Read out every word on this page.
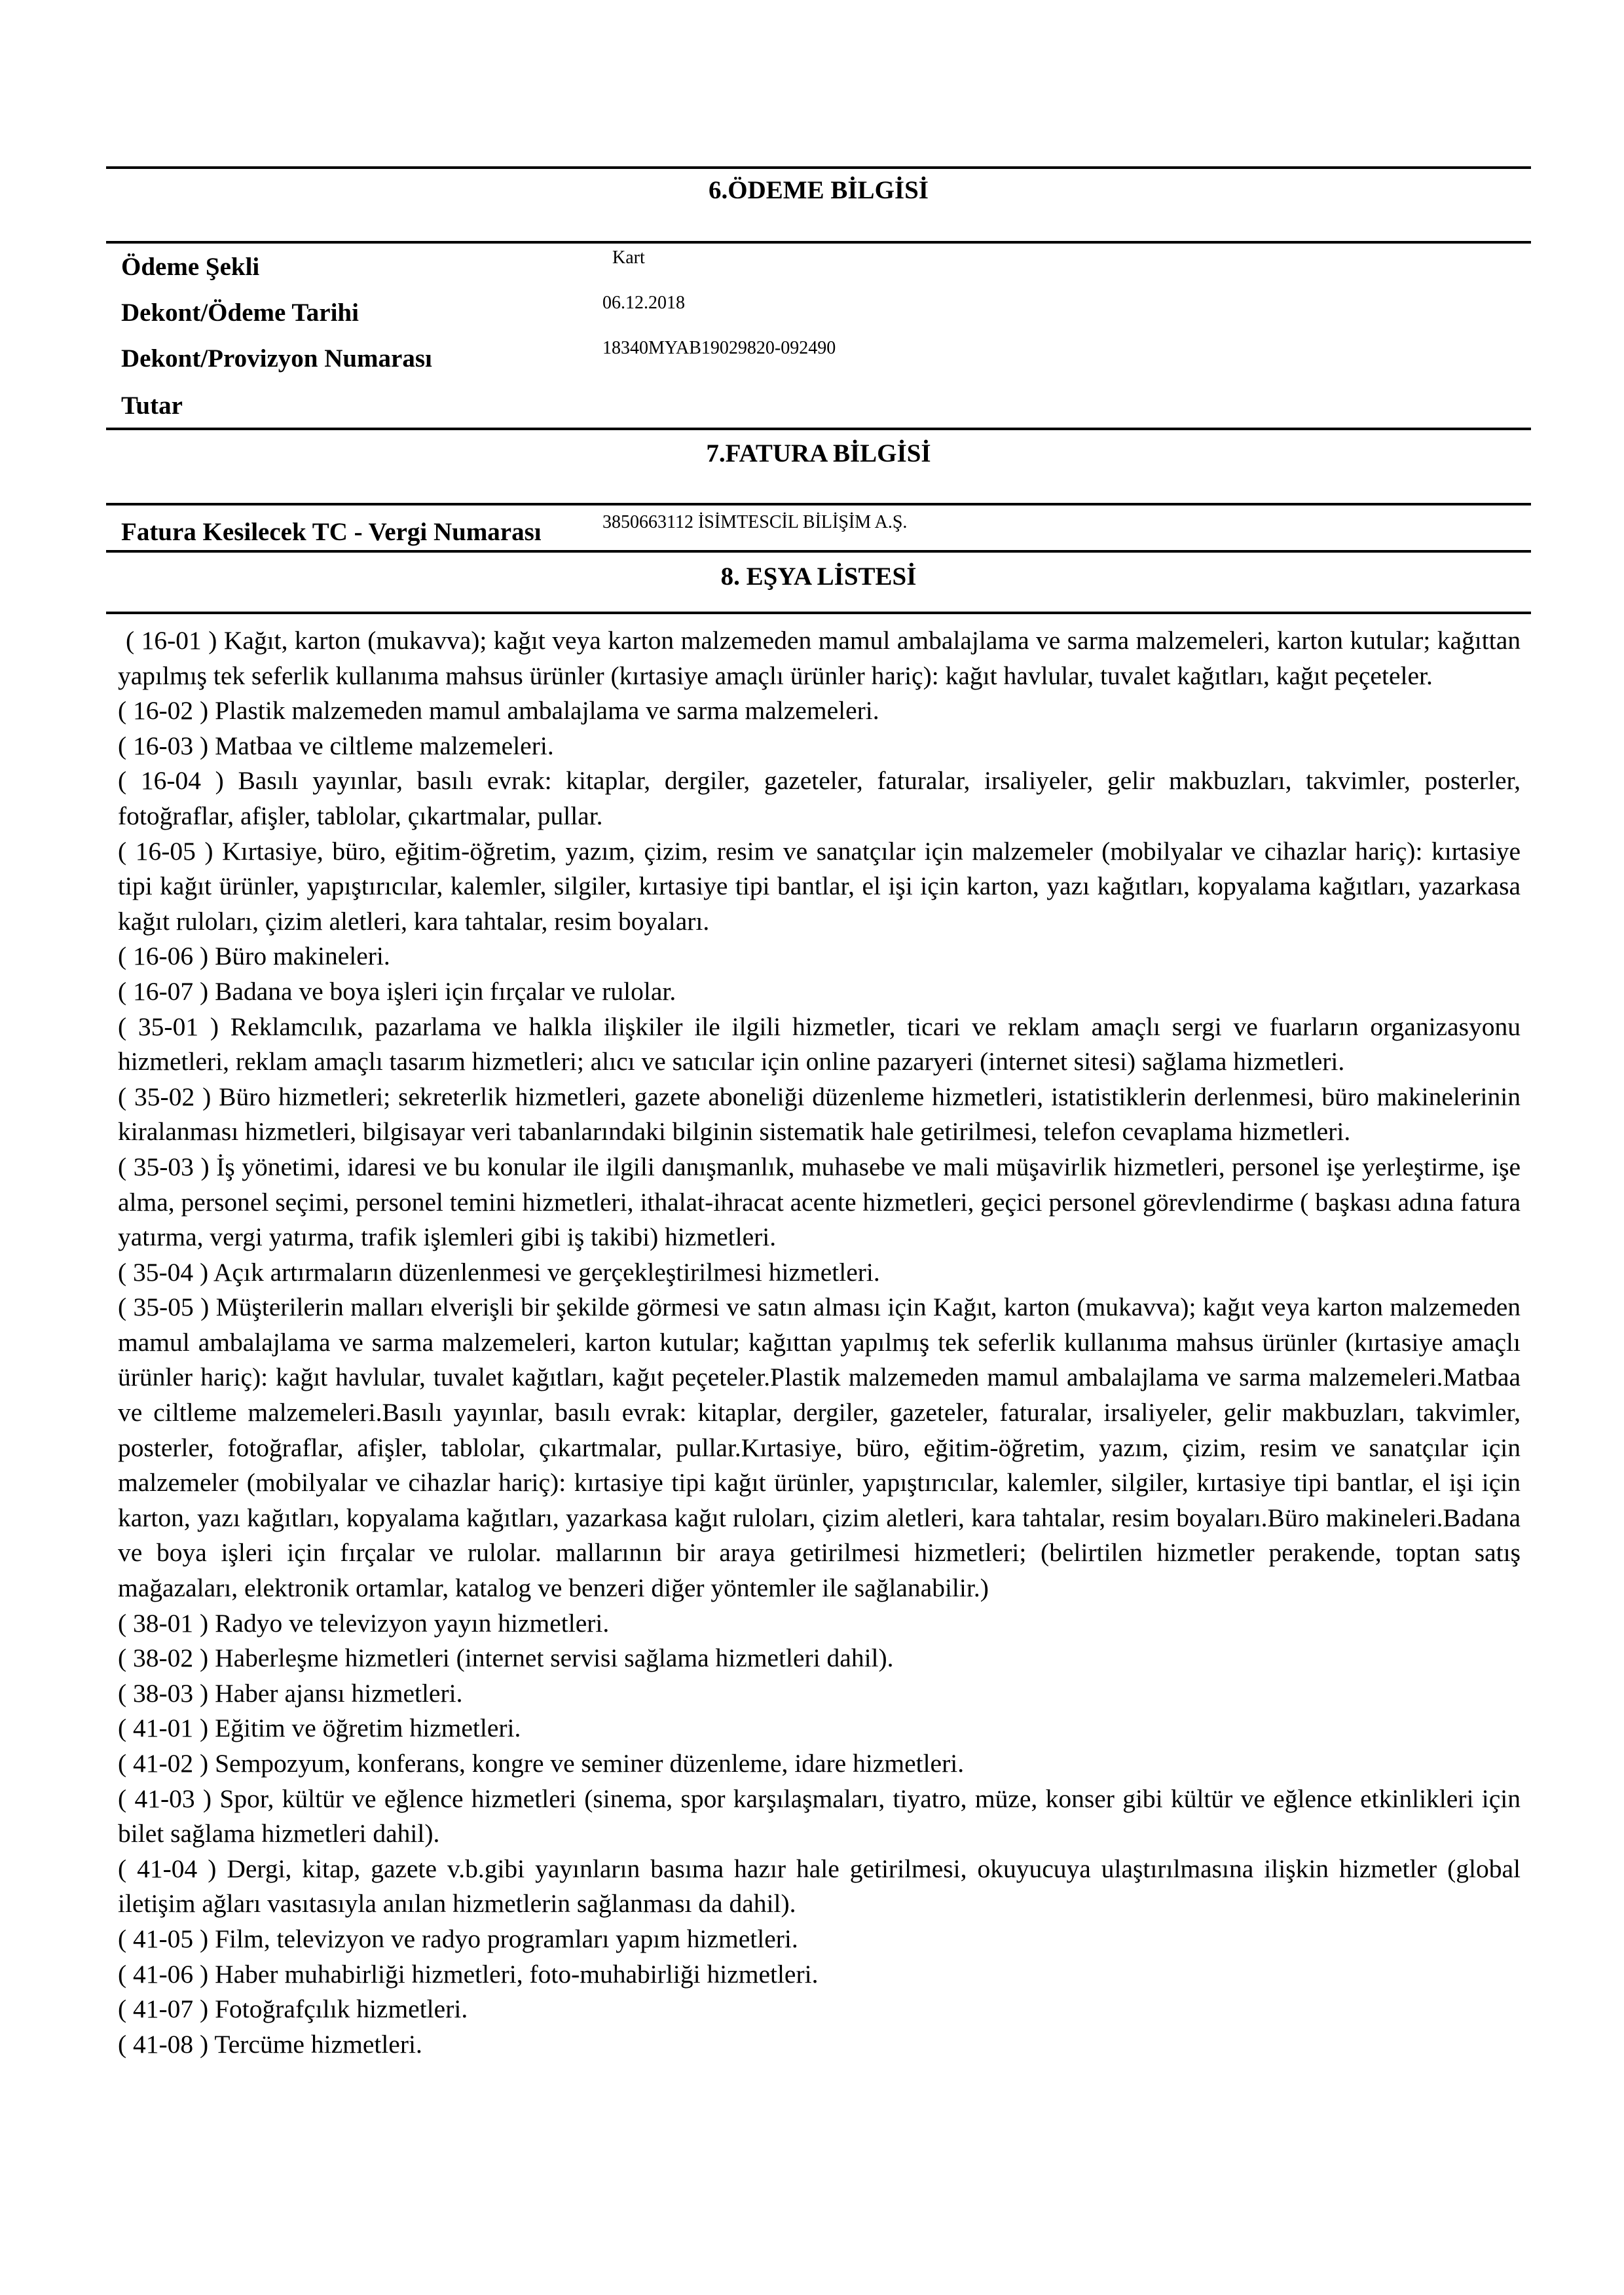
6.ÖDEME BİLGİSİ
Ödeme Şekli	Kart
Dekont/Ödeme Tarihi	06.12.2018
Dekont/Provizyon Numarası	18340MYAB19029820-092490
Tutar
7.FATURA BİLGİSİ
Fatura Kesilecek TC - Vergi Numarası	3850663112 İSİMTESCİL BİLİŞİM A.Ş.
8. EŞYA LİSTESİ

( 16-01 ) Kağıt, karton (mukavva); kağıt veya karton malzemeden mamul ambalajlama ve sarma malzemeleri, karton kutular; kağıttan yapılmış tek seferlik kullanıma mahsus ürünler (kırtasiye amaçlı ürünler hariç): kağıt havlular, tuvalet kağıtları, kağıt peçeteler.

( 16-02 ) Plastik malzemeden mamul ambalajlama ve sarma malzemeleri.

( 16-03 ) Matbaa ve ciltleme malzemeleri.

( 16-04 ) Basılı yayınlar, basılı evrak: kitaplar, dergiler, gazeteler, faturalar, irsaliyeler, gelir makbuzları, takvimler, posterler, fotoğraflar, afişler, tablolar, çıkartmalar, pullar.

( 16-05 ) Kırtasiye, büro, eğitim-öğretim, yazım, çizim, resim ve sanatçılar için malzemeler (mobilyalar ve cihazlar hariç): kırtasiye tipi kağıt ürünler, yapıştırıcılar, kalemler, silgiler, kırtasiye tipi bantlar, el işi için karton, yazı kağıtları, kopyalama kağıtları, yazarkasa kağıt ruloları, çizim aletleri, kara tahtalar, resim boyaları.

( 16-06 ) Büro makineleri.

( 16-07 ) Badana ve boya işleri için fırçalar ve rulolar.

( 35-01 ) Reklamcılık, pazarlama ve halkla ilişkiler ile ilgili hizmetler, ticari ve reklam amaçlı sergi ve fuarların organizasyonu hizmetleri, reklam amaçlı tasarım hizmetleri; alıcı ve satıcılar için online pazaryeri (internet sitesi) sağlama hizmetleri.

( 35-02 ) Büro hizmetleri; sekreterlik hizmetleri, gazete aboneliği düzenleme hizmetleri, istatistiklerin derlenmesi, büro makinelerinin kiralanması hizmetleri, bilgisayar veri tabanlarındaki bilginin sistematik hale getirilmesi, telefon cevaplama hizmetleri.

( 35-03 ) İş yönetimi, idaresi ve bu konular ile ilgili danışmanlık, muhasebe ve mali müşavirlik hizmetleri, personel işe yerleştirme, işe alma, personel seçimi, personel temini hizmetleri, ithalat-ihracat acente hizmetleri, geçici personel görevlendirme ( başkası adına fatura yatırma, vergi yatırma, trafik işlemleri gibi iş takibi) hizmetleri.

( 35-04 ) Açık artırmaların düzenlenmesi ve gerçekleştirilmesi hizmetleri.

( 35-05 ) Müşterilerin malları elverişli bir şekilde görmesi ve satın alması için Kağıt, karton (mukavva); kağıt veya karton malzemeden mamul ambalajlama ve sarma malzemeleri, karton kutular; kağıttan yapılmış tek seferlik kullanıma mahsus ürünler (kırtasiye amaçlı ürünler hariç): kağıt havlular, tuvalet kağıtları, kağıt peçeteler.Plastik malzemeden mamul ambalajlama ve sarma malzemeleri.Matbaa ve ciltleme malzemeleri.Basılı yayınlar, basılı evrak: kitaplar, dergiler, gazeteler, faturalar, irsaliyeler, gelir makbuzları, takvimler, posterler, fotoğraflar, afişler, tablolar, çıkartmalar, pullar.Kırtasiye, büro, eğitim-öğretim, yazım, çizim, resim ve sanatçılar için malzemeler (mobilyalar ve cihazlar hariç): kırtasiye tipi kağıt ürünler, yapıştırıcılar, kalemler, silgiler, kırtasiye tipi bantlar, el işi için karton, yazı kağıtları, kopyalama kağıtları, yazarkasa kağıt ruloları, çizim aletleri, kara tahtalar, resim boyaları.Büro makineleri.Badana ve boya işleri için fırçalar ve rulolar. mallarının bir araya getirilmesi hizmetleri; (belirtilen hizmetler perakende, toptan satış mağazaları, elektronik ortamlar, katalog ve benzeri diğer yöntemler ile sağlanabilir.)

( 38-01 ) Radyo ve televizyon yayın hizmetleri.

( 38-02 ) Haberleşme hizmetleri (internet servisi sağlama hizmetleri dahil).

( 38-03 ) Haber ajansı hizmetleri.

( 41-01 ) Eğitim ve öğretim hizmetleri.

( 41-02 ) Sempozyum, konferans, kongre ve seminer düzenleme, idare hizmetleri.

( 41-03 ) Spor, kültür ve eğlence hizmetleri (sinema, spor karşılaşmaları, tiyatro, müze, konser gibi kültür ve eğlence etkinlikleri için bilet sağlama hizmetleri dahil).

( 41-04 ) Dergi, kitap, gazete v.b.gibi yayınların basıma hazır hale getirilmesi, okuyucuya ulaştırılmasına ilişkin hizmetler (global iletişim ağları vasıtasıyla anılan hizmetlerin sağlanması da dahil).

( 41-05 ) Film, televizyon ve radyo programları yapım hizmetleri.

( 41-06 ) Haber muhabirliği hizmetleri, foto-muhabirliği hizmetleri.

( 41-07 ) Fotoğrafçılık hizmetleri.

( 41-08 ) Tercüme hizmetleri.
